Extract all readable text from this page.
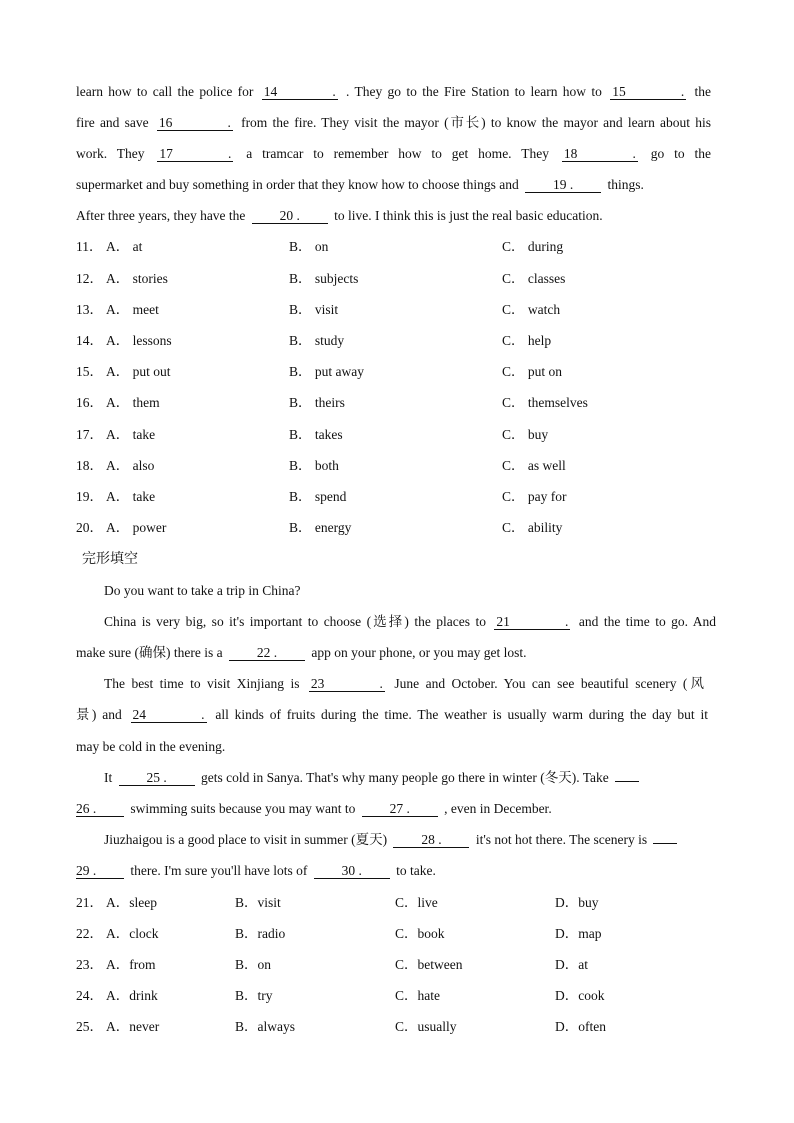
learn how to call the police for 14 . . They go to the Fire Station to learn how to 15 . the
fire and save 16 . from the fire. They visit the mayor (市长) to know the mayor and learn about his
work. They 17 . a tramcar to remember how to get home. They 18 . go to the
supermarket and buy something in order that they know how to choose things and 19 . things.
After three years, they have the 20 . to live. I think this is just the real basic education.
11． A． at	B． on	C． during
12． A． stories	B． subjects	C． classes
13． A． meet	B． visit	C． watch
14． A． lessons	B． study	C． help
15． A． put out	B． put away	C． put on
16． A． them	B． theirs	C． themselves
17． A． take	B． takes	C． buy
18． A． also	B． both	C． as well
19． A． take	B． spend	C． pay for
20． A． power	B． energy	C． ability
完形填空
Do you want to take a trip in China?
China is very big, so it's important to choose (选择) the places to 21 . and the time to go. And
make sure (确保) there is a 22 . app on your phone, or you may get lost.
The best time to visit Xinjiang is 23 . June and October. You can see beautiful scenery (风
景) and 24 . all kinds of fruits during the time. The weather is usually warm during the day but it
may be cold in the evening.
It 25 . gets cold in Sanya. That's why many people go there in winter (冬天). Take
26 . swimming suits because you may want to 27 . , even in December.
Jiuzhaigou is a good place to visit in summer (夏天) 28 . it's not hot there. The scenery is
29 . there. I'm sure you'll have lots of 30 . to take.
21． A．sleep	B．visit	C．live	D．buy
22． A．clock	B．radio	C．book	D．map
23． A．from	B．on	C．between	D．at
24． A．drink	B．try	C．hate	D．cook
25． A．never	B．always	C．usually	D．often
